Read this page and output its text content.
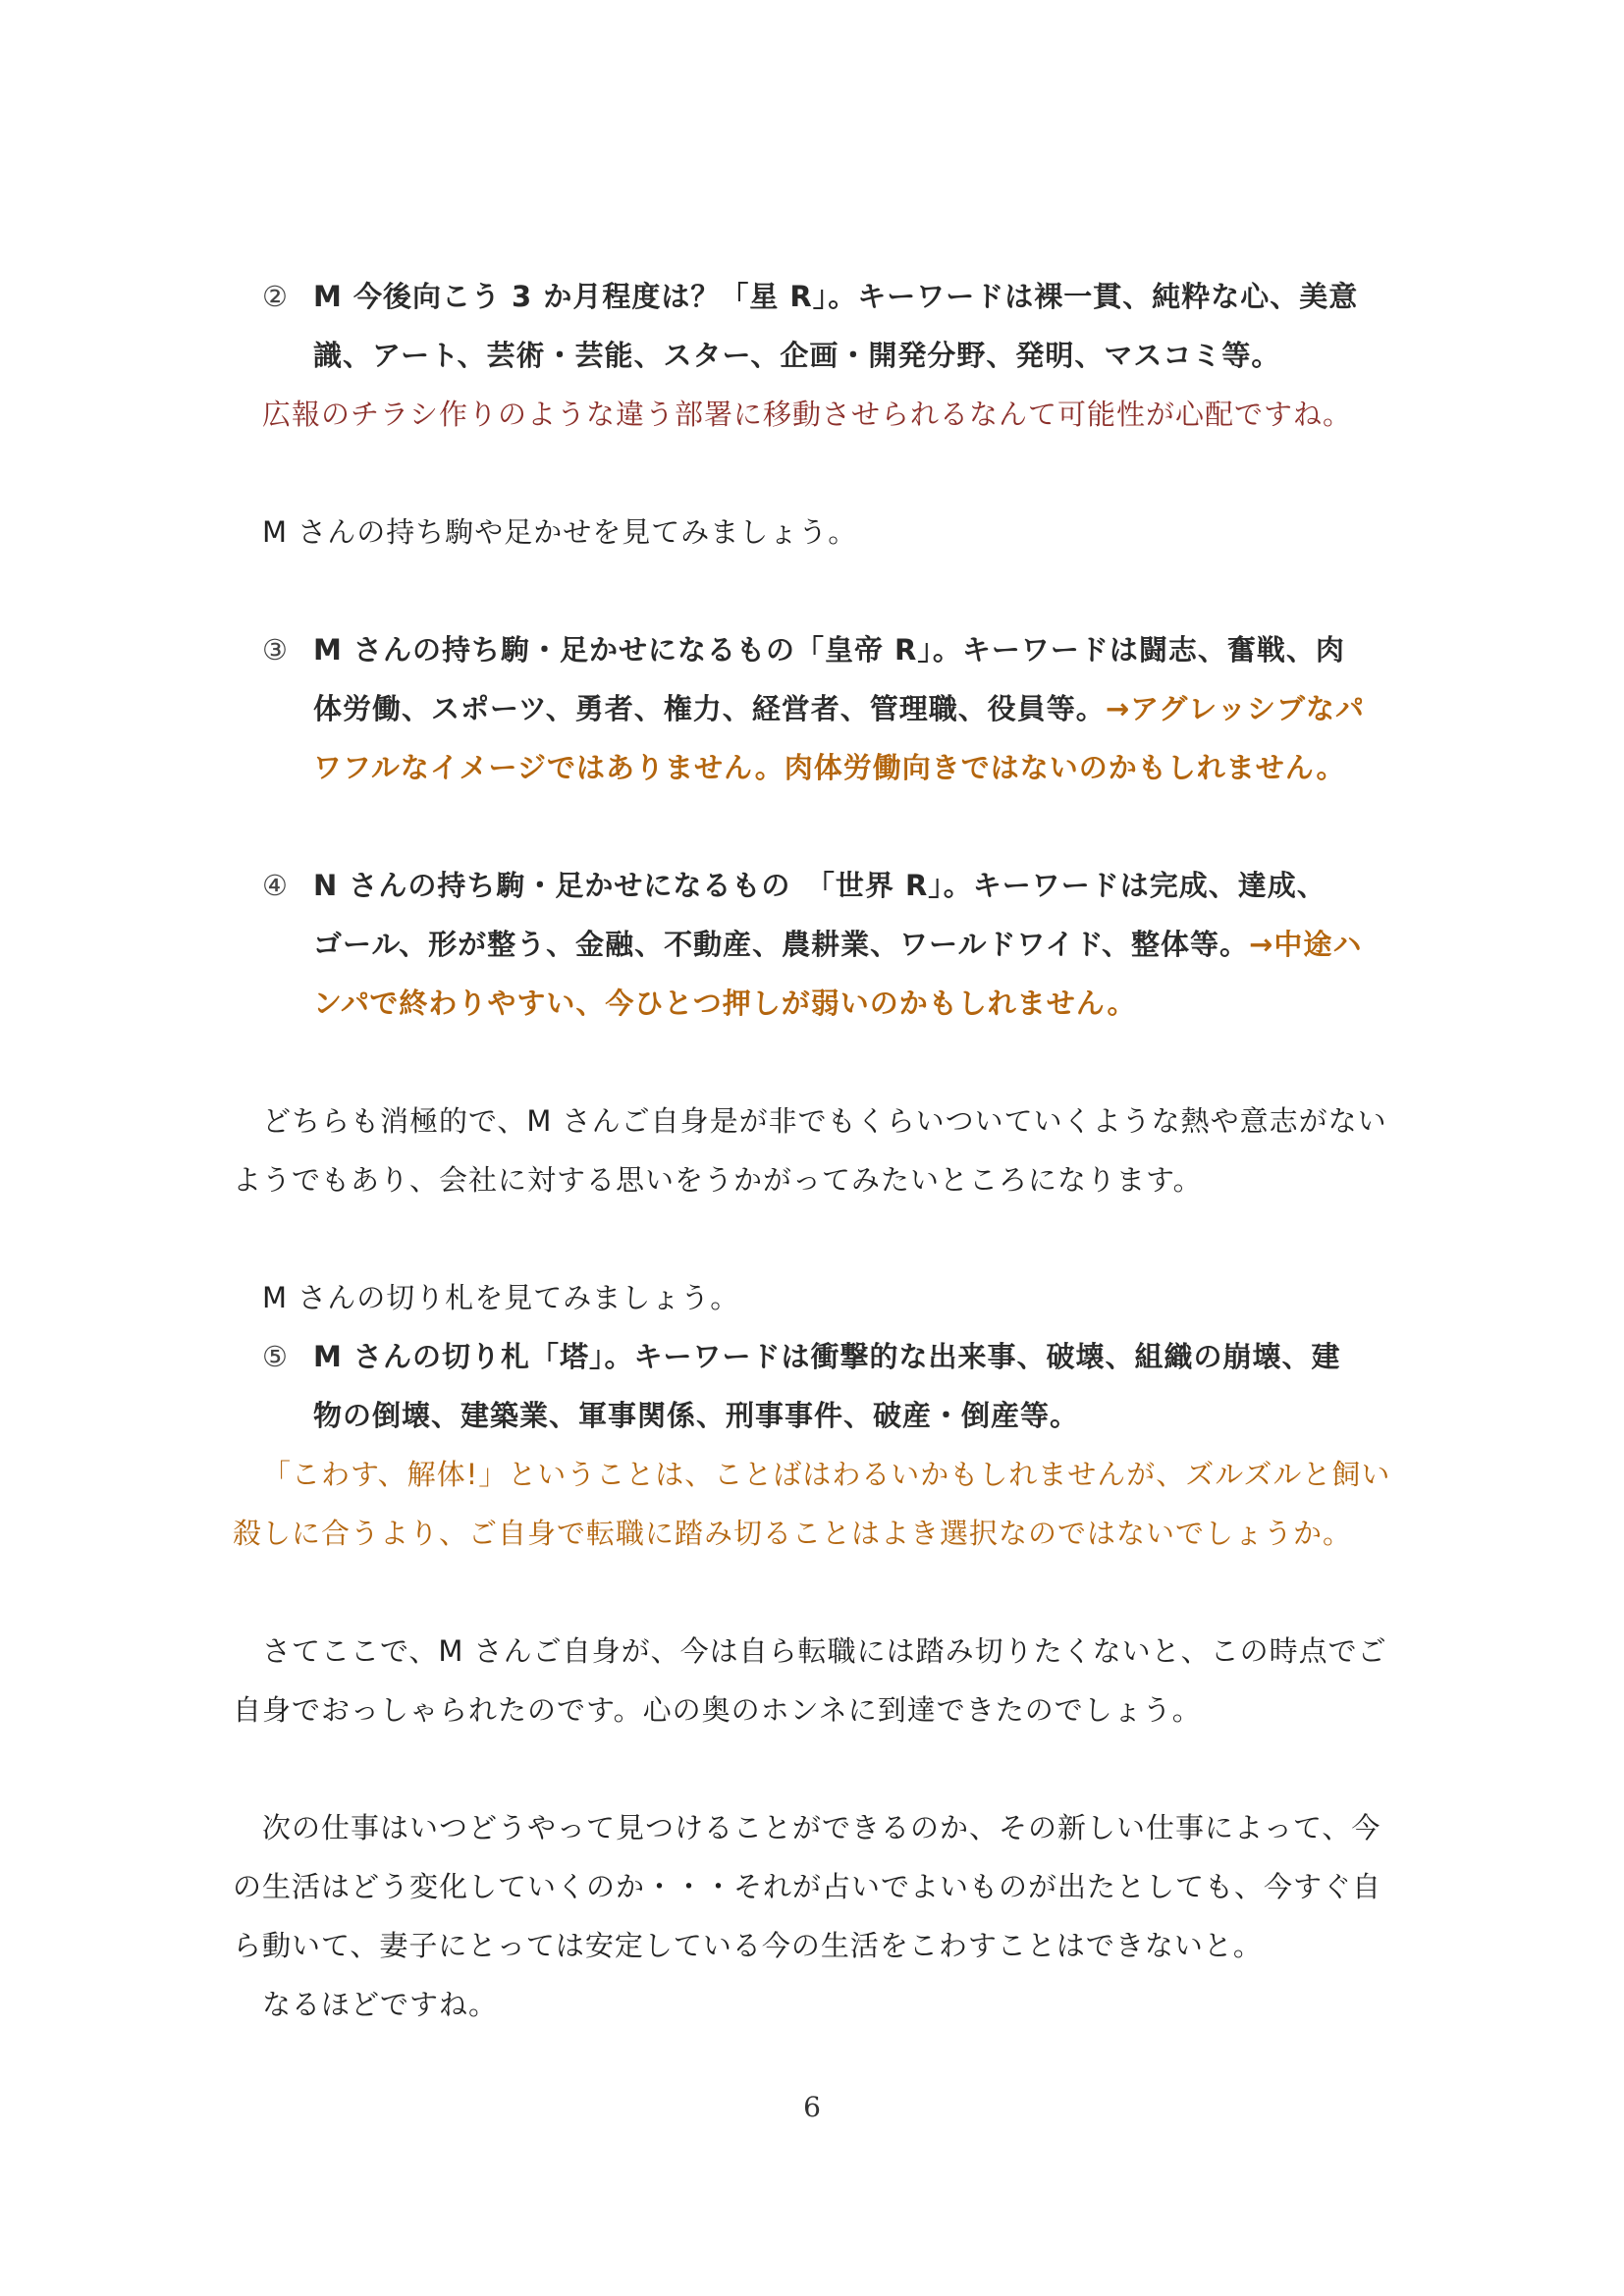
② M 今後向こう 3 か月程度は？「星 R」。キーワードは裸一貫、純粋な心、美意
識、アート、芸術・芸能、スター、企画・開発分野、発明、マスコミ等。
広報のチラシ作りのような違う部署に移動させられるなんて可能性が心配ですね。
M さんの持ち駒や足かせを見てみましょう。
③ M さんの持ち駒・足かせになるもの「皇帝 R」。キーワードは闘志、奮戦、肉
体労働、スポーツ、勇者、権力、経営者、管理職、役員等。→アグレッシブなパ
ワフルなイメージではありません。肉体労働向きではないのかもしれません。
④ N さんの持ち駒・足かせになるもの　「世界 R」。キーワードは完成、達成、
ゴール、形が整う、金融、不動産、農耕業、ワールドワイド、整体等。→中途ハ
ンパで終わりやすい、今ひとつ押しが弱いのかもしれません。
どちらも消極的で、M さんご自身是が非でもくらいついていくような熱や意志がない
ようでもあり、会社に対する思いをうかがってみたいところになります。
M さんの切り札を見てみましょう。
⑤ M さんの切り札「塔」。キーワードは衝撃的な出来事、破壊、組織の崩壊、建
物の倒壊、建築業、軍事関係、刑事事件、破産・倒産等。
「こわす、解体!」ということは、ことばはわるいかもしれませんが、ズルズルと飼い
殺しに合うより、ご自身で転職に踏み切ることはよき選択なのではないでしょうか。
さてここで、M さんご自身が、今は自ら転職には踏み切りたくないと、この時点でご
自身でおっしゃられたのです。心の奥のホンネに到達できたのでしょう。
次の仕事はいつどうやって見つけることができるのか、その新しい仕事によって、今
の生活はどう変化していくのか・・・それが占いでよいものが出たとしても、今すぐ自
ら動いて、妻子にとっては安定している今の生活をこわすことはできないと。
なるほどですね。
6
